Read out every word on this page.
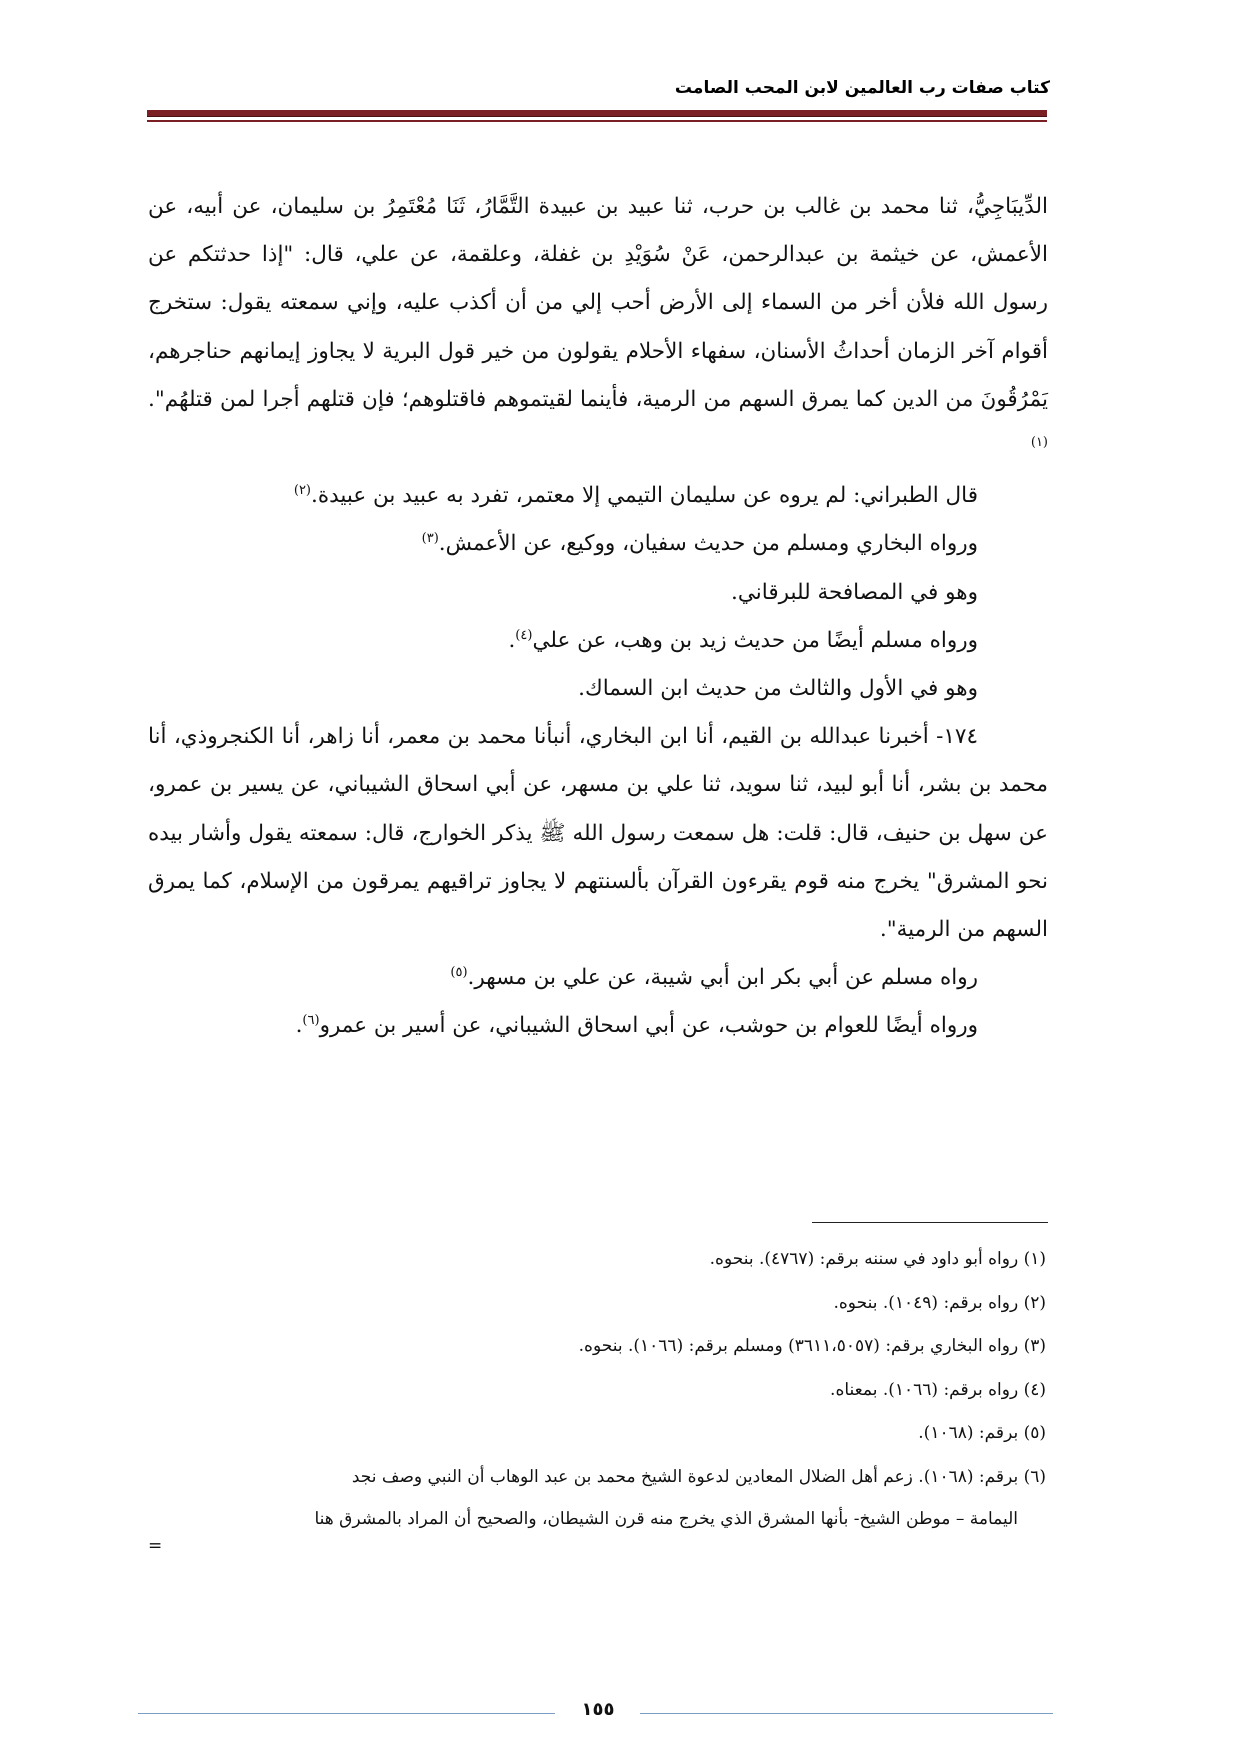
كتاب صفات رب العالمين لابن المحب الصامت

الدِّيبَاجِيُّ، ثنا محمد بن غالب بن حرب، ثنا عبيد بن عبيدة التَّمَّارُ، ثَنَا مُعْتَمِرُ بن سليمان، عن أبيه، عن الأعمش، عن خيثمة بن عبدالرحمن، عَنْ سُوَيْدِ بن غفلة، وعلقمة، عن علي، قال: "إذا حدثتكم عن رسول الله فلأن أخر من السماء إلى الأرض أحب إلي من أن أكذب عليه، وإني سمعته يقول: ستخرج أقوام آخر الزمان أحداثُ الأسنان، سفهاء الأحلام يقولون من خير قول البرية لا يجاوز إيمانهم حناجرهم، يَمْرُقُونَ من الدين كما يمرق السهم من الرمية، فأينما لقيتموهم فاقتلوهم؛ فإن قتلهم أجرا لمن قتلهُم".$^{(١)}$

قال الطبراني: لم يروه عن سليمان التيمي إلا معتمر، تفرد به عبيد بن عبيدة.$^{(٢)}$

ورواه البخاري ومسلم من حديث سفيان، ووكيع، عن الأعمش.$^{(٣)}$

وهو في المصافحة للبرقاني.

ورواه مسلم أيضًا من حديث زيد بن وهب، عن علي$^{(٤)}$.

وهو في الأول والثالث من حديث ابن السماك.

١٧٤- أخبرنا عبدالله بن القيم، أنا ابن البخاري، أنبأنا محمد بن معمر، أنا زاهر، أنا الكنجروذي، أنا محمد بن بشر، أنا أبو لبيد، ثنا سويد، ثنا علي بن مسهر، عن أبي اسحاق الشيباني، عن يسير بن عمرو، عن سهل بن حنيف، قال: قلت: هل سمعت رسول الله ﷺ يذكر الخوارج، قال: سمعته يقول وأشار بيده نحو المشرق" يخرج منه قوم يقرءون القرآن بألسنتهم لا يجاوز تراقيهم يمرقون من الإسلام، كما يمرق السهم من الرمية".

رواه مسلم عن أبي بكر ابن أبي شيبة، عن علي بن مسهر.$^{(٥)}$

ورواه أيضًا للعوام بن حوشب، عن أبي اسحاق الشيباني، عن أسير بن عمرو$^{(٦)}$.

(١) رواه أبو داود في سننه برقم: (٤٧٦٧). بنحوه.

(٢) رواه برقم: (١٠٤٩). بنحوه.

(٣) رواه البخاري برقم: (٣٦١١،٥٠٥٧) ومسلم برقم: (١٠٦٦). بنحوه.

(٤) رواه برقم: (١٠٦٦). بمعناه.

(٥) برقم: (١٠٦٨).

(٦) برقم: (١٠٦٨). زعم أهل الضلال المعادين لدعوة الشيخ محمد بن عبد الوهاب أن النبي وصف نجد

اليمامة – موطن الشيخ- بأنها المشرق الذي يخرج منه قرن الشيطان، والصحيح أن المراد بالمشرق هنا

=

١٥٥
